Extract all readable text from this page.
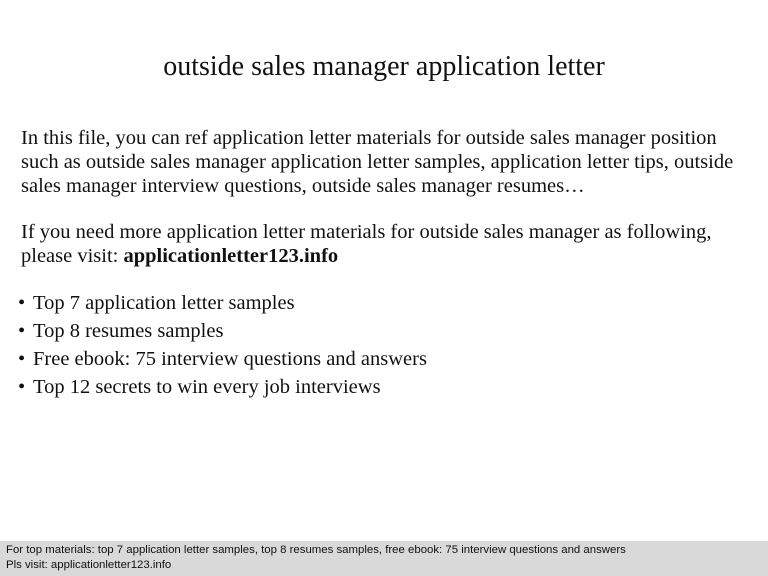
outside sales manager application letter

In this file, you can ref application letter materials for outside sales manager position such as outside sales manager application letter samples, application letter tips, outside sales manager interview questions, outside sales manager resumes…

If you need more application letter materials for outside sales manager as following, please visit: applicationletter123.info

• Top 7 application letter samples
• Top 8 resumes samples
• Free ebook: 75 interview questions and answers
• Top 12 secrets to win every job interviews
For top materials: top 7 application letter samples, top 8 resumes samples, free ebook: 75 interview questions and answers
Pls visit: applicationletter123.info
